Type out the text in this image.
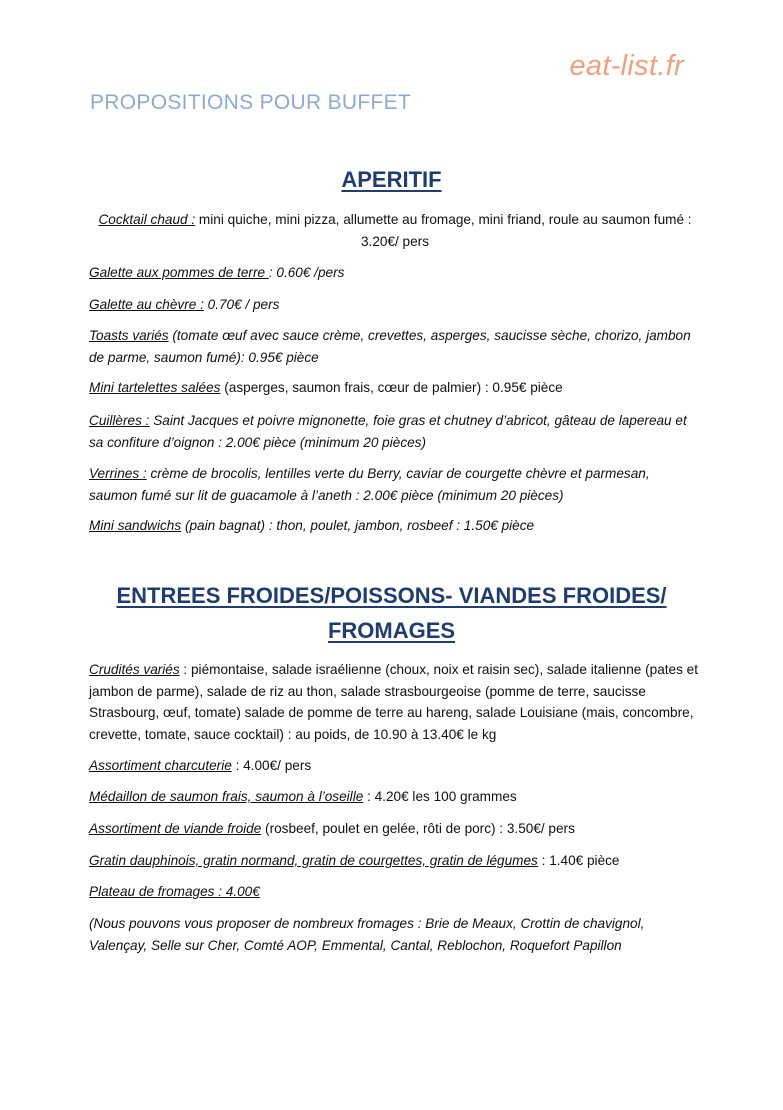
eat-list.fr
PROPOSITIONS POUR BUFFET
APERITIF
Cocktail chaud : mini quiche, mini pizza, allumette au fromage, mini friand, roule au saumon fumé : 3.20€/ pers
Galette aux pommes de terre : 0.60€ /pers
Galette au chèvre : 0.70€ / pers
Toasts variés (tomate œuf avec sauce crème, crevettes, asperges, saucisse sèche, chorizo, jambon de parme, saumon fumé): 0.95€ pièce
Mini tartelettes salées (asperges, saumon frais, cœur de palmier) : 0.95€ pièce
Cuillères : Saint Jacques et poivre mignonette, foie gras et chutney d’abricot, gâteau de lapereau et sa confiture d’oignon : 2.00€ pièce (minimum 20 pièces)
Verrines : crème de brocolis, lentilles verte du Berry, caviar de courgette chèvre et parmesan, saumon fumé sur lit de guacamole à l’aneth : 2.00€ pièce (minimum 20 pièces)
Mini sandwichs (pain bagnat) : thon, poulet, jambon, rosbeef : 1.50€ pièce
ENTREES FROIDES/POISSONS- VIANDES FROIDES/
FROMAGES
Crudités variés : piémontaise, salade israélienne (choux, noix et raisin sec), salade italienne (pates et jambon de parme), salade de riz au thon, salade strasbourgeoise (pomme de terre, saucisse Strasbourg, œuf, tomate) salade de pomme de terre au hareng, salade Louisiane (mais, concombre, crevette, tomate, sauce cocktail) : au poids, de 10.90 à 13.40€ le kg
Assortiment charcuterie : 4.00€/ pers
Médaillon de saumon frais, saumon à l’oseille : 4.20€ les 100 grammes
Assortiment de viande froide (rosbeef, poulet en gelée, rôti de porc) : 3.50€/ pers
Gratin dauphinois, gratin normand, gratin de courgettes, gratin de légumes : 1.40€ pièce
Plateau de fromages : 4.00€
(Nous pouvons vous proposer de nombreux fromages : Brie de Meaux, Crottin de chavignol, Valençay, Selle sur Cher, Comté AOP, Emmental, Cantal, Reblochon, Roquefort Papillon
